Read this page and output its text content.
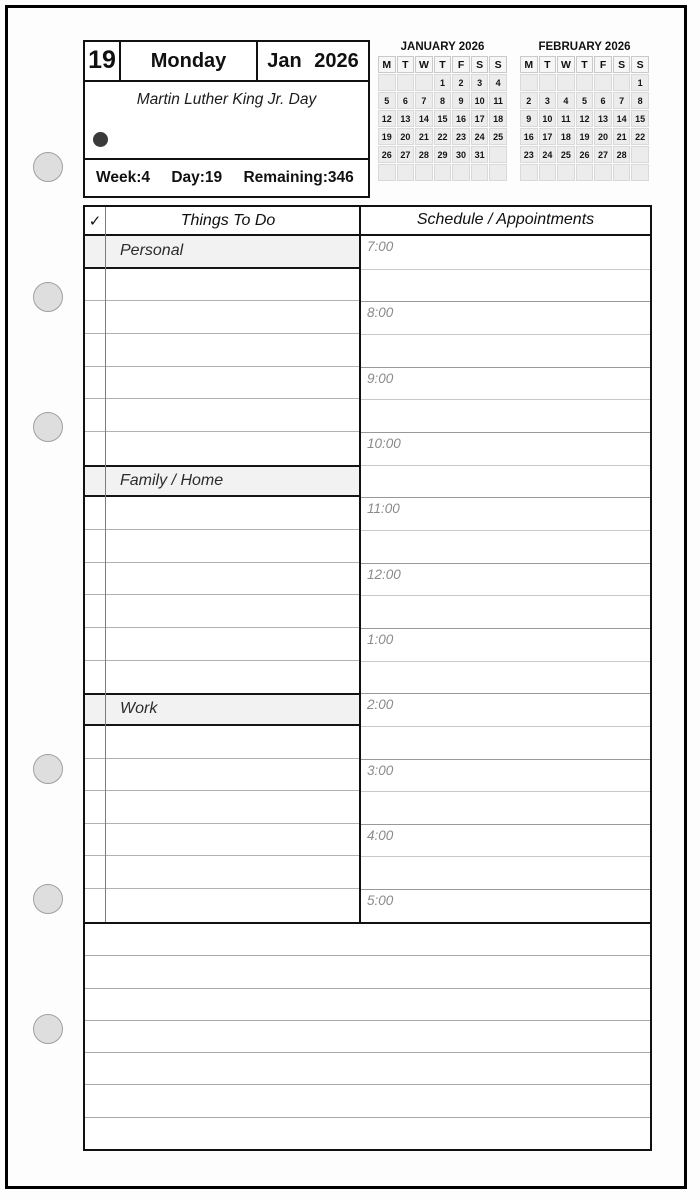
19	Monday	Jan 2026
Martin Luther King Jr. Day
Week:4 Day:19 Remaining:346
JANUARY 2026
M	T	W	T	F	S	S
			1	2	3	4
5	6	7	8	9	10	11
12	13	14	15	16	17	18
19	20	21	22	23	24	25
26	27	28	29	30	31	

FEBRUARY 2026
M	T	W	T	F	S	S
						1
2	3	4	5	6	7	8
9	10	11	12	13	14	15
16	17	18	19	20	21	22
23	24	25	26	27	28	

✓	Things To Do
Personal
Family / Home
Work
Schedule / Appointments
7:00
8:00
9:00
10:00
11:00
12:00
1:00
2:00
3:00
4:00
5:00
